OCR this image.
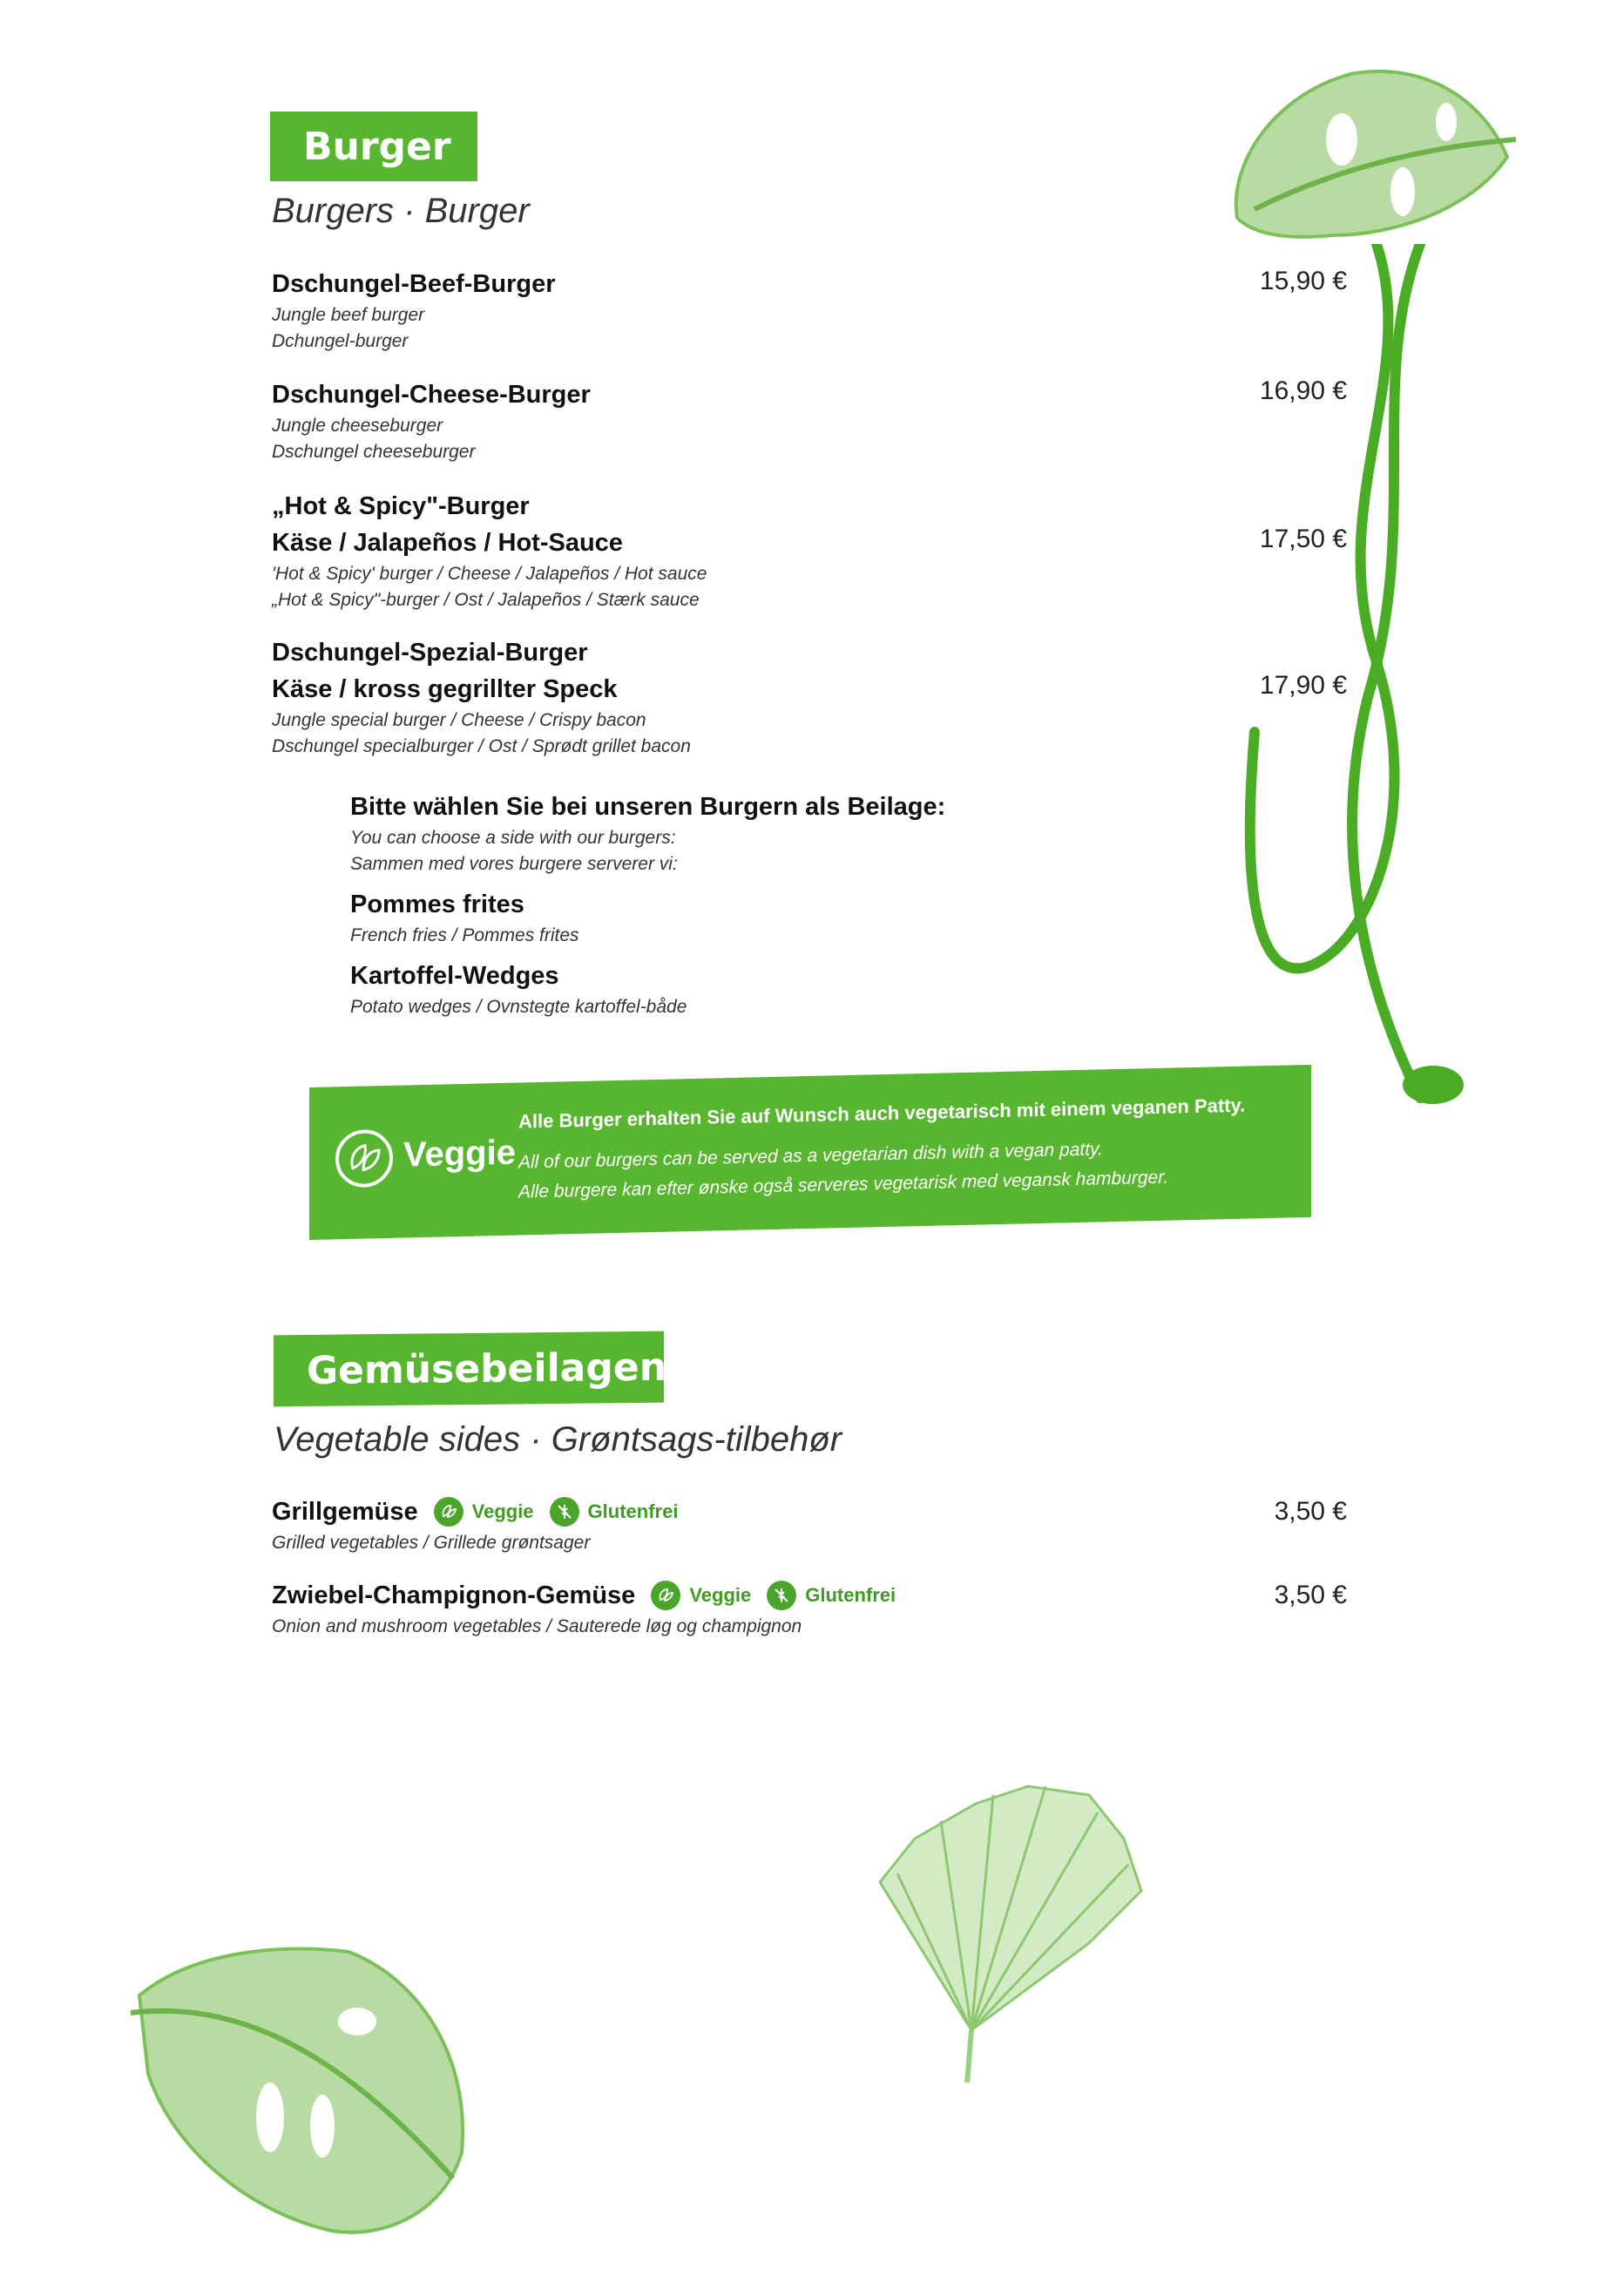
Burger
Burgers · Burger
Dschungel-Beef-Burger
Jungle beef burger
Dchungel-burger
15,90 €
Dschungel-Cheese-Burger
Jungle cheeseburger
Dschungel cheeseburger
16,90 €
„Hot & Spicy"-Burger
Käse / Jalapeños / Hot-Sauce
'Hot & Spicy' burger / Cheese / Jalapeños / Hot sauce
„Hot & Spicy"-burger / Ost / Jalapeños / Stærk sauce
17,50 €
Dschungel-Spezial-Burger
Käse / kross gegrillter Speck
Jungle special burger / Cheese / Crispy bacon
Dschungel specialburger / Ost / Sprødt grillet bacon
17,90 €
Bitte wählen Sie bei unseren Burgern als Beilage:
You can choose a side with our burgers:
Sammen med vores burgere serverer vi:
Pommes frites
French fries / Pommes frites
Kartoffel-Wedges
Potato wedges / Ovnstegte kartoffel-både
Veggie
Alle Burger erhalten Sie auf Wunsch auch vegetarisch mit einem veganen Patty.
All of our burgers can be served as a vegetarian dish with a vegan patty.
Alle burgere kan efter ønske også serveres vegetarisk med vegansk hamburger.
Gemüsebeilagen
Vegetable sides · Grøntsags-tilbehør
Grillgemüse	Veggie	Glutenfrei
Grilled vegetables / Grillede grøntsager
3,50 €
Zwiebel-Champignon-Gemüse	Veggie	Glutenfrei
Onion and mushroom vegetables / Sauterede løg og champignon
3,50 €
